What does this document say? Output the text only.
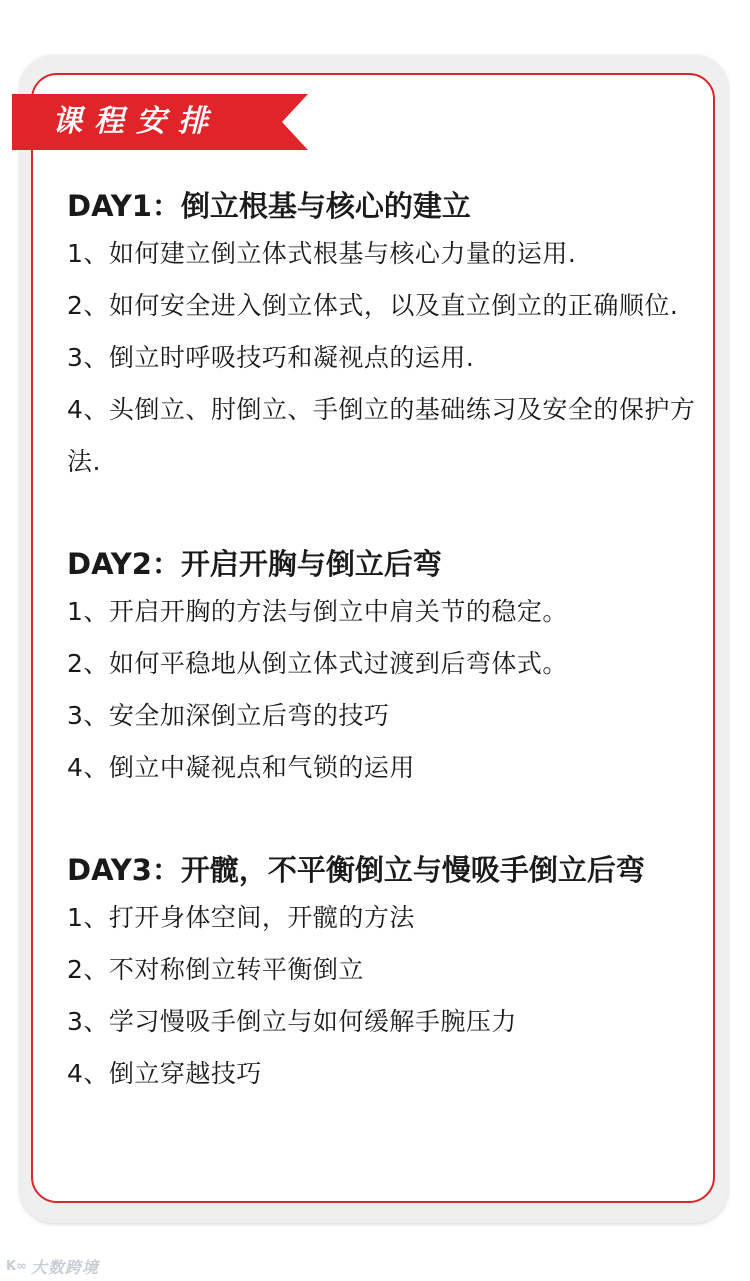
课程安排
DAY1：倒立根基与核心的建立
1、如何建立倒立体式根基与核心力量的运用.
2、如何安全进入倒立体式，以及直立倒立的正确顺位.
3、倒立时呼吸技巧和凝视点的运用.
4、头倒立、肘倒立、手倒立的基础练习及安全的保护方法.
DAY2：开启开胸与倒立后弯
1、开启开胸的方法与倒立中肩关节的稳定。
2、如何平稳地从倒立体式过渡到后弯体式。
3、安全加深倒立后弯的技巧
4、倒立中凝视点和气锁的运用
DAY3：开髋，不平衡倒立与慢吸手倒立后弯
1、打开身体空间，开髋的方法
2、不对称倒立转平衡倒立
3、学习慢吸手倒立与如何缓解手腕压力
4、倒立穿越技巧
K∞ 大数跨境
